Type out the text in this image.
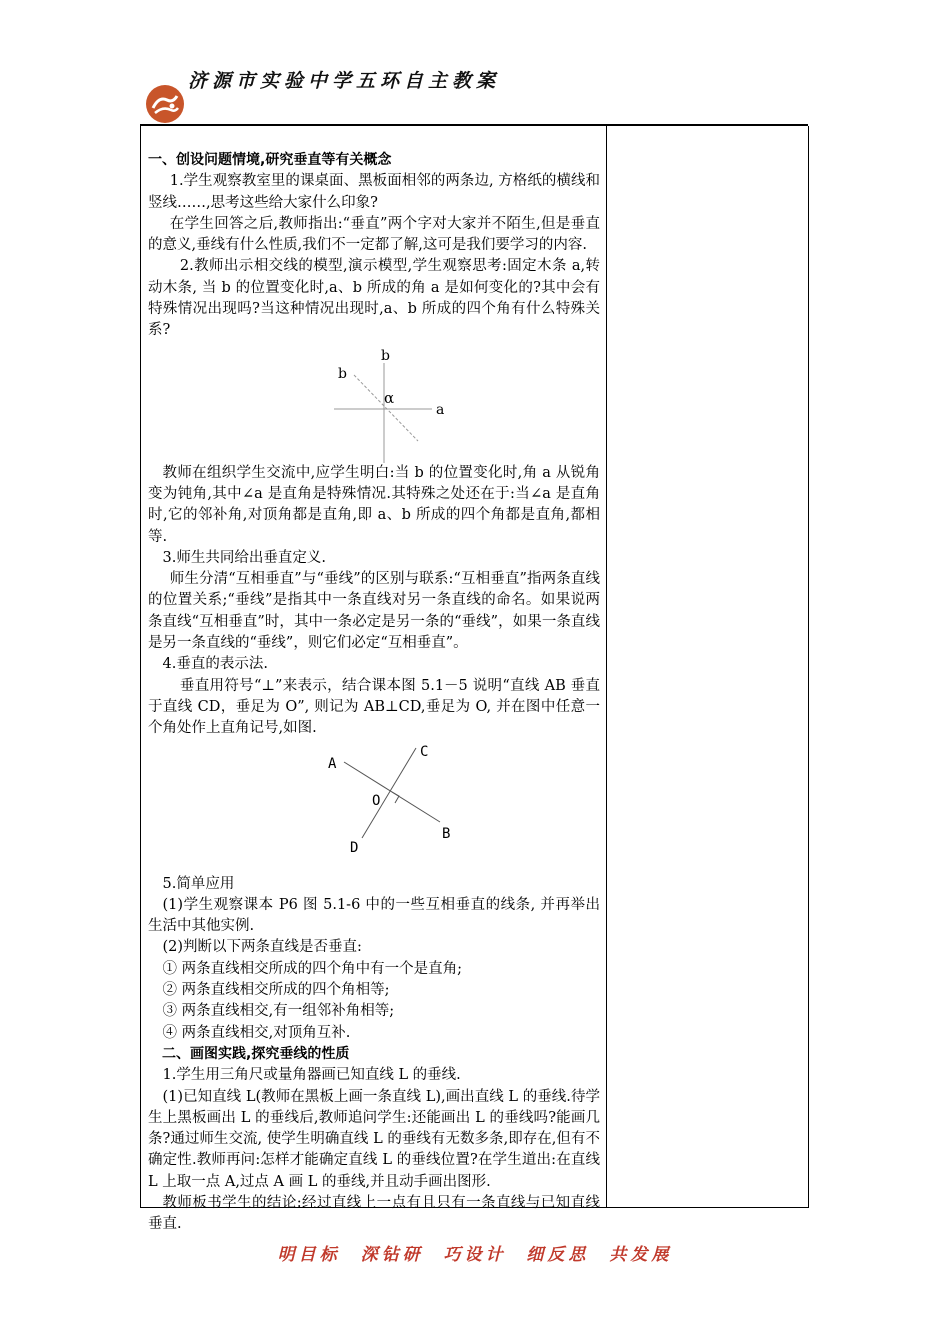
济源市实验中学五环自主教案

一、创设问题情境,研究垂直等有关概念

1.学生观察教室里的课桌面、黑板面相邻的两条边, 方格纸的横线和竖线……,思考这些给大家什么印象?

在学生回答之后,教师指出:“垂直”两个字对大家并不陌生,但是垂直的意义,垂线有什么性质,我们不一定都了解,这可是我们要学习的内容.

2.教师出示相交线的模型,演示模型,学生观察思考:固定木条 a,转动木条, 当 b 的位置变化时,a、b 所成的角 a 是如何变化的?其中会有特殊情况出现吗?当这种情况出现时,a、b 所成的四个角有什么特殊关系?

b
b
α
a

教师在组织学生交流中,应学生明白:当 b 的位置变化时,角 a 从锐角变为钝角,其中∠a 是直角是特殊情况.其特殊之处还在于:当∠a 是直角时,它的邻补角,对顶角都是直角,即 a、b 所成的四个角都是直角,都相等.

3.师生共同给出垂直定义.

师生分清“互相垂直”与“垂线”的区别与联系:“互相垂直”指两条直线的位置关系;“垂线”是指其中一条直线对另一条直线的命名。如果说两条直线“互相垂直”时，其中一条必定是另一条的“垂线”，如果一条直线是另一条直线的“垂线”，则它们必定“互相垂直”。

4.垂直的表示法.

垂直用符号“⊥”来表示，结合课本图 5.1－5 说明“直线 AB 垂直于直线 CD，垂足为 O”, 则记为 AB⊥CD,垂足为 O, 并在图中任意一个角处作上直角记号,如图.

A
C
O
B
D

5.简单应用

(1)学生观察课本 P6 图 5.1-6 中的一些互相垂直的线条, 并再举出生活中其他实例.

(2)判断以下两条直线是否垂直:

① 两条直线相交所成的四个角中有一个是直角;

② 两条直线相交所成的四个角相等;

③ 两条直线相交,有一组邻补角相等;

④ 两条直线相交,对顶角互补.

二、画图实践,探究垂线的性质

1.学生用三角尺或量角器画已知直线 L 的垂线.

(1)已知直线 L(教师在黑板上画一条直线 L),画出直线 L 的垂线.待学生上黑板画出 L 的垂线后,教师追问学生:还能画出 L 的垂线吗?能画几条?通过师生交流, 使学生明确直线 L 的垂线有无数多条,即存在,但有不确定性.教师再问:怎样才能确定直线 L 的垂线位置?在学生道出:在直线 L 上取一点 A,过点 A 画 L 的垂线,并且动手画出图形.

教师板书学生的结论:经过直线上一点有且只有一条直线与已知直线垂直.

明目标 深钻研 巧设计 细反思 共发展
